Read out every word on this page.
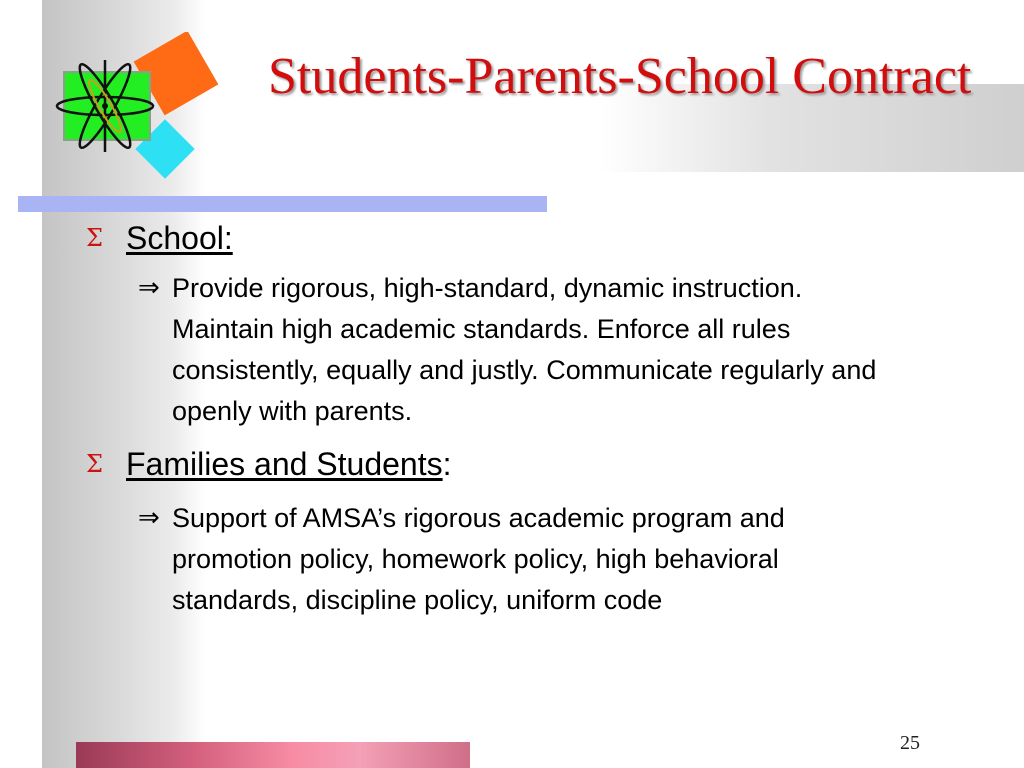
Students-Parents-School Contract
Σ School:
⇒ Provide rigorous, high-standard, dynamic instruction. Maintain high academic standards. Enforce all rules consistently, equally and justly. Communicate regularly and openly with parents.
Σ Families and Students:
⇒ Support of AMSA’s rigorous academic program and promotion policy, homework policy, high behavioral standards, discipline policy, uniform code
25
